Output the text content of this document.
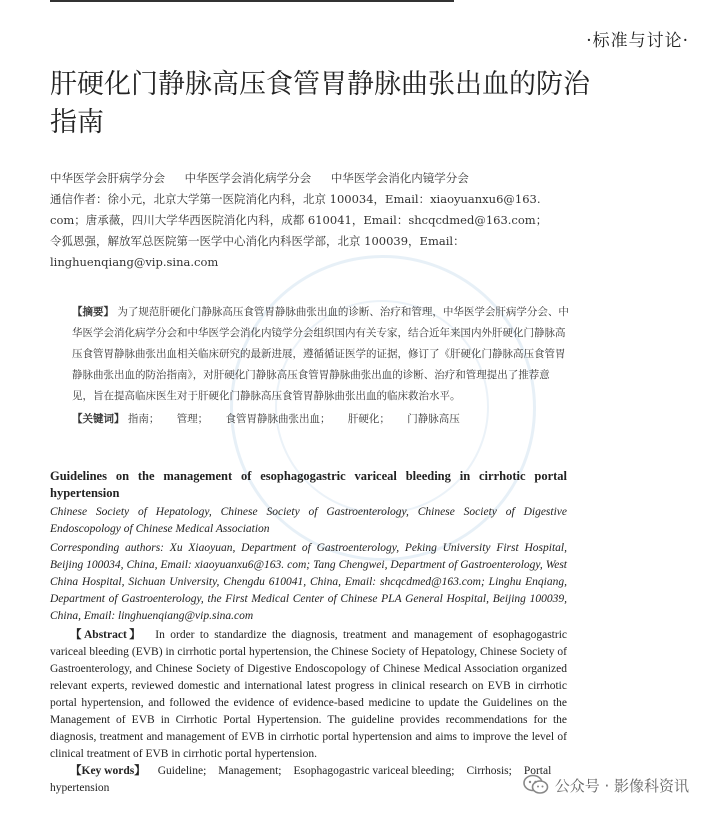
·标准与讨论·
肝硬化门静脉高压食管胃静脉曲张出血的防治指南
中华医学会肝病学分会 中华医学会消化病学分会 中华医学会消化内镜学分会
通信作者：徐小元，北京大学第一医院消化内科，北京 100034，Email：xiaoyuanxu6@163.
com；唐承薇，四川大学华西医院消化内科，成都 610041，Email：shcqcdmed@163.com；
令狐恩强，解放军总医院第一医学中心消化内科医学部，北京 100039，Email：
linghuenqiang@vip.sina.com
【摘要】 为了规范肝硬化门静脉高压食管胃静脉曲张出血的诊断、治疗和管理，中华医学会肝病学分会、中华医学会消化病学分会和中华医学会消化内镜学分会组织国内有关专家，结合近年来国内外肝硬化门静脉高压食管胃静脉曲张出血相关临床研究的最新进展，遵循循证医学的证据，修订了《肝硬化门静脉高压食管胃静脉曲张出血的防治指南》，对肝硬化门静脉高压食管胃静脉曲张出血的诊断、治疗和管理提出了推荐意见，旨在提高临床医生对于肝硬化门静脉高压食管胃静脉曲张出血的临床救治水平。
【关键词】 指南； 管理； 食管胃静脉曲张出血； 肝硬化； 门静脉高压
Guidelines on the management of esophagogastric variceal bleeding in cirrhotic portal hypertension
Chinese Society of Hepatology, Chinese Society of Gastroenterology, Chinese Society of Digestive Endoscopology of Chinese Medical Association
Corresponding authors: Xu Xiaoyuan, Department of Gastroenterology, Peking University First Hospital, Beijing 100034, China, Email: xiaoyuanxu6@163. com; Tang Chengwei, Department of Gastroenterology, West China Hospital, Sichuan University, Chengdu 610041, China, Email: shcqcdmed@163.com; Linghu Enqiang, Department of Gastroenterology, the First Medical Center of Chinese PLA General Hospital, Beijing 100039, China, Email: linghuenqiang@vip.sina.com
【Abstract】 In order to standardize the diagnosis, treatment and management of esophagogastric variceal bleeding (EVB) in cirrhotic portal hypertension, the Chinese Society of Hepatology, Chinese Society of Gastroenterology, and Chinese Society of Digestive Endoscopology of Chinese Medical Association organized relevant experts, reviewed domestic and international latest progress in clinical research on EVB in cirrhotic portal hypertension, and followed the evidence of evidence-based medicine to update the Guidelines on the Management of EVB in Cirrhotic Portal Hypertension. The guideline provides recommendations for the diagnosis, treatment and management of EVB in cirrhotic portal hypertension and aims to improve the level of clinical treatment of EVB in cirrhotic portal hypertension.
【Key words】 Guideline; Management; Esophagogastric variceal bleeding; Cirrhosis; Portal hypertension	公众号 · 影像科资讯
